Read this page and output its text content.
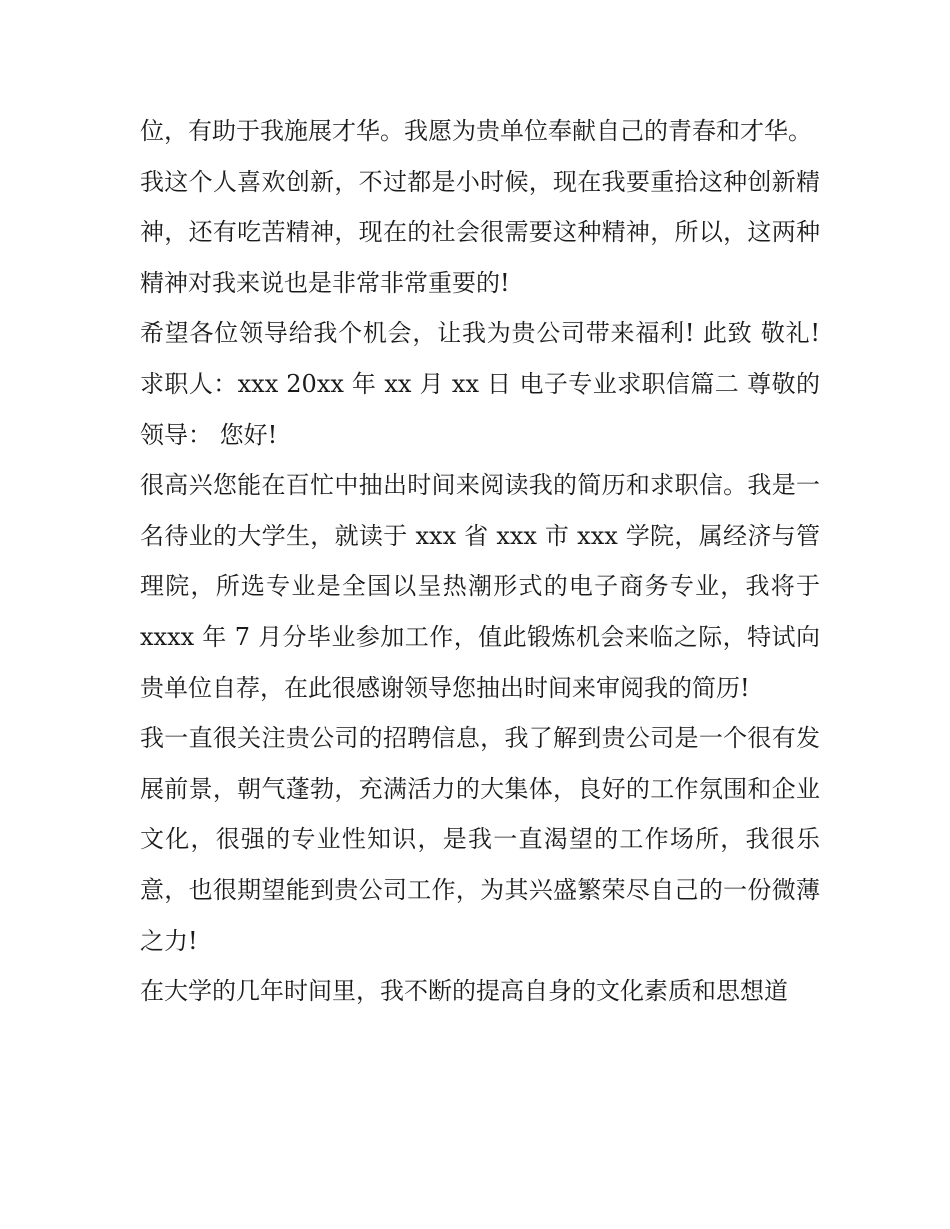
位，有助于我施展才华。我愿为贵单位奉献自己的青春和才华。

我这个人喜欢创新，不过都是小时候，现在我要重拾这种创新精神，还有吃苦精神，现在的社会很需要这种精神，所以，这两种精神对我来说也是非常非常重要的!

希望各位领导给我个机会，让我为贵公司带来福利! 此致 敬礼! 求职人：xxx 20xx 年 xx 月 xx 日 电子专业求职信篇二 尊敬的领导： 您好!

很高兴您能在百忙中抽出时间来阅读我的简历和求职信。我是一名待业的大学生，就读于 xxx 省 xxx 市 xxx 学院，属经济与管理院，所选专业是全国以呈热潮形式的电子商务专业，我将于 xxxx 年 7 月分毕业参加工作，值此锻炼机会来临之际，特试向贵单位自荐，在此很感谢领导您抽出时间来审阅我的简历!

我一直很关注贵公司的招聘信息，我了解到贵公司是一个很有发展前景，朝气蓬勃，充满活力的大集体，良好的工作氛围和企业文化，很强的专业性知识，是我一直渴望的工作场所，我很乐意，也很期望能到贵公司工作，为其兴盛繁荣尽自己的一份微薄之力!

在大学的几年时间里，我不断的提高自身的文化素质和思想道
